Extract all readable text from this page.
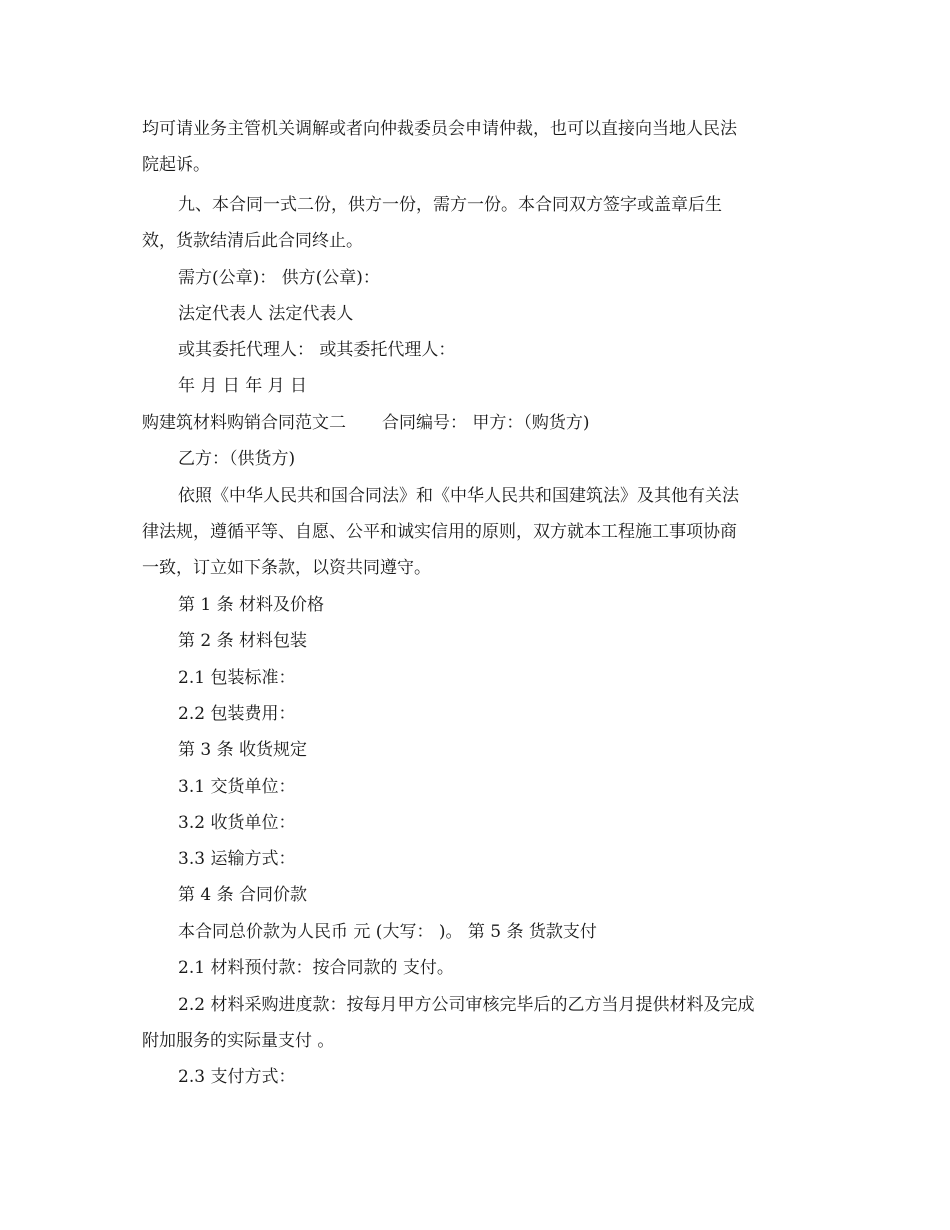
均可请业务主管机关调解或者向仲裁委员会申请仲裁，也可以直接向当地人民法

院起诉。

九、本合同一式二份，供方一份，需方一份。本合同双方签字或盖章后生

效，货款结清后此合同终止。

需方(公章)： 供方(公章)：

法定代表人 法定代表人

或其委托代理人： 或其委托代理人：

年 月 日 年 月 日

购建筑材料购销合同范文二 合同编号： 甲方：（购货方)

乙方：（供货方)

依照《中华人民共和国合同法》和《中华人民共和国建筑法》及其他有关法

律法规，遵循平等、自愿、公平和诚实信用的原则，双方就本工程施工事项协商

一致，订立如下条款，以资共同遵守。

第 1 条 材料及价格

第 2 条 材料包装

2.1 包装标准：

2.2 包装费用：

第 3 条 收货规定

3.1 交货单位：

3.2 收货单位：

3.3 运输方式：

第 4 条 合同价款

本合同总价款为人民币 元 (大写： )。 第 5 条 货款支付

2.1 材料预付款：按合同款的 支付。

2.2 材料采购进度款：按每月甲方公司审核完毕后的乙方当月提供材料及完成

附加服务的实际量支付 。

2.3 支付方式：
